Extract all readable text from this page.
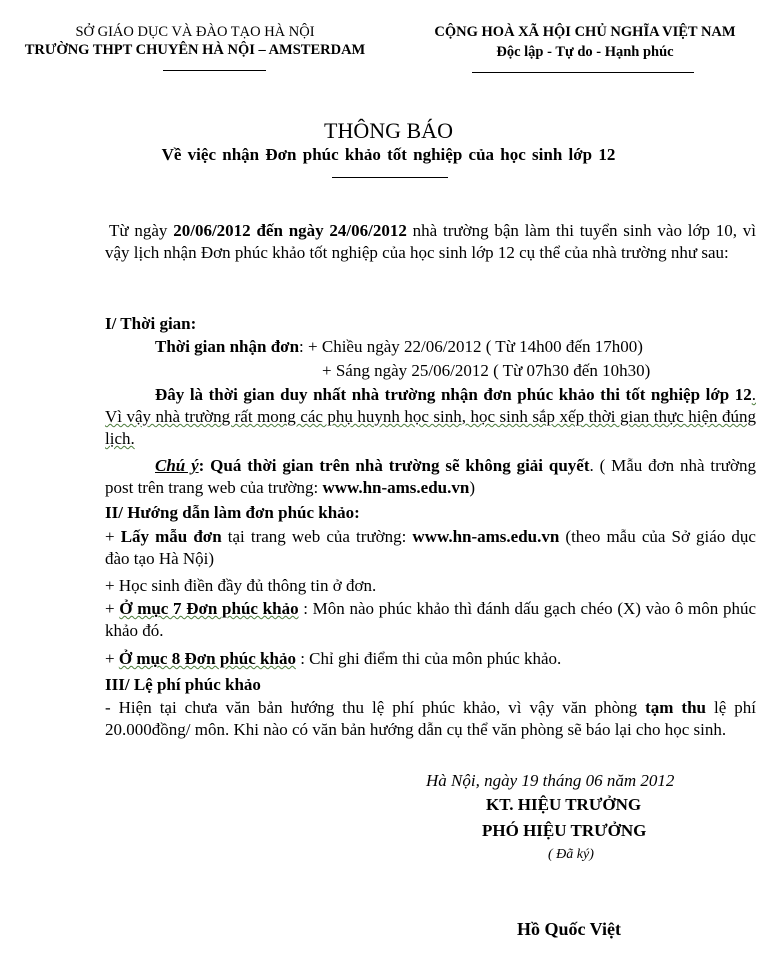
SỞ GIÁO DỤC VÀ ĐÀO TẠO HÀ NỘI
TRƯỜNG THPT CHUYÊN HÀ NỘI – AMSTERDAM
CỘNG HOÀ XÃ HỘI CHỦ NGHĨA VIỆT NAM
Độc lập - Tự do - Hạnh phúc
THÔNG BÁO
Về việc nhận Đơn phúc khảo tốt nghiệp của học sinh lớp 12
Từ ngày 20/06/2012 đến ngày 24/06/2012 nhà trường bận làm thi tuyển sinh vào lớp 10, vì vậy lịch nhận Đơn phúc khảo tốt nghiệp của học sinh lớp 12 cụ thể của nhà trường như sau:
I/ Thời gian:
Thời gian nhận đơn: + Chiều ngày 22/06/2012 ( Từ 14h00 đến 17h00)
+ Sáng ngày 25/06/2012 ( Từ 07h30 đến 10h30)
Đây là thời gian duy nhất nhà trường nhận đơn phúc khảo thi tốt nghiệp lớp 12. Vì vậy nhà trường rất mong các phụ huynh học sinh, học sinh sắp xếp thời gian thực hiện đúng lịch.
Chú ý: Quá thời gian trên nhà trường sẽ không giải quyết. ( Mẫu đơn nhà trường post trên trang web của trường: www.hn-ams.edu.vn)
II/ Hướng dẫn làm đơn phúc khảo:
+ Lấy mẫu đơn tại trang web của trường: www.hn-ams.edu.vn (theo mẫu của Sở giáo dục đào tạo Hà Nội)
+ Học sinh điền đầy đủ thông tin ở đơn.
+ Ở mục 7 Đơn phúc khảo : Môn nào phúc khảo thì đánh dấu gạch chéo (X) vào ô môn phúc khảo đó.
+ Ở mục 8 Đơn phúc khảo : Chỉ ghi điểm thi của môn phúc khảo.
III/ Lệ phí phúc khảo
- Hiện tại chưa văn bản hướng thu lệ phí phúc khảo, vì vậy văn phòng tạm thu lệ phí 20.000đồng/ môn. Khi nào có văn bản hướng dẫn cụ thể văn phòng sẽ báo lại cho học sinh.
Hà Nội, ngày 19 tháng 06 năm 2012
KT. HIỆU TRƯỞNG
PHÓ HIỆU TRƯỞNG
( Đã ký)
Hồ Quốc Việt
